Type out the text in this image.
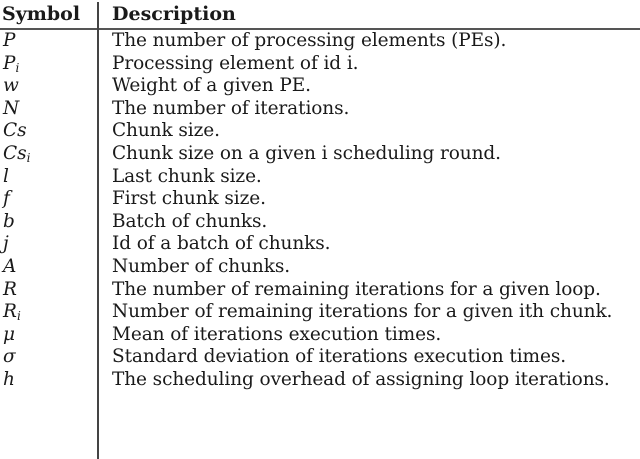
Symbol Description
P	The number of processing elements (PEs).
$P_i$	Processing element of id i.
w	Weight of a given PE.
N	The number of iterations.
Cs	Chunk size.
$Cs_i$	Chunk size on a given i scheduling round.
l	Last chunk size.
f	First chunk size.
b	Batch of chunks.
j	Id of a batch of chunks.
A	Number of chunks.
R	The number of remaining iterations for a given loop.
$R_i$	Number of remaining iterations for a given ith chunk.
μ	Mean of iterations execution times.
σ	Standard deviation of iterations execution times.
h	The scheduling overhead of assigning loop iterations.
